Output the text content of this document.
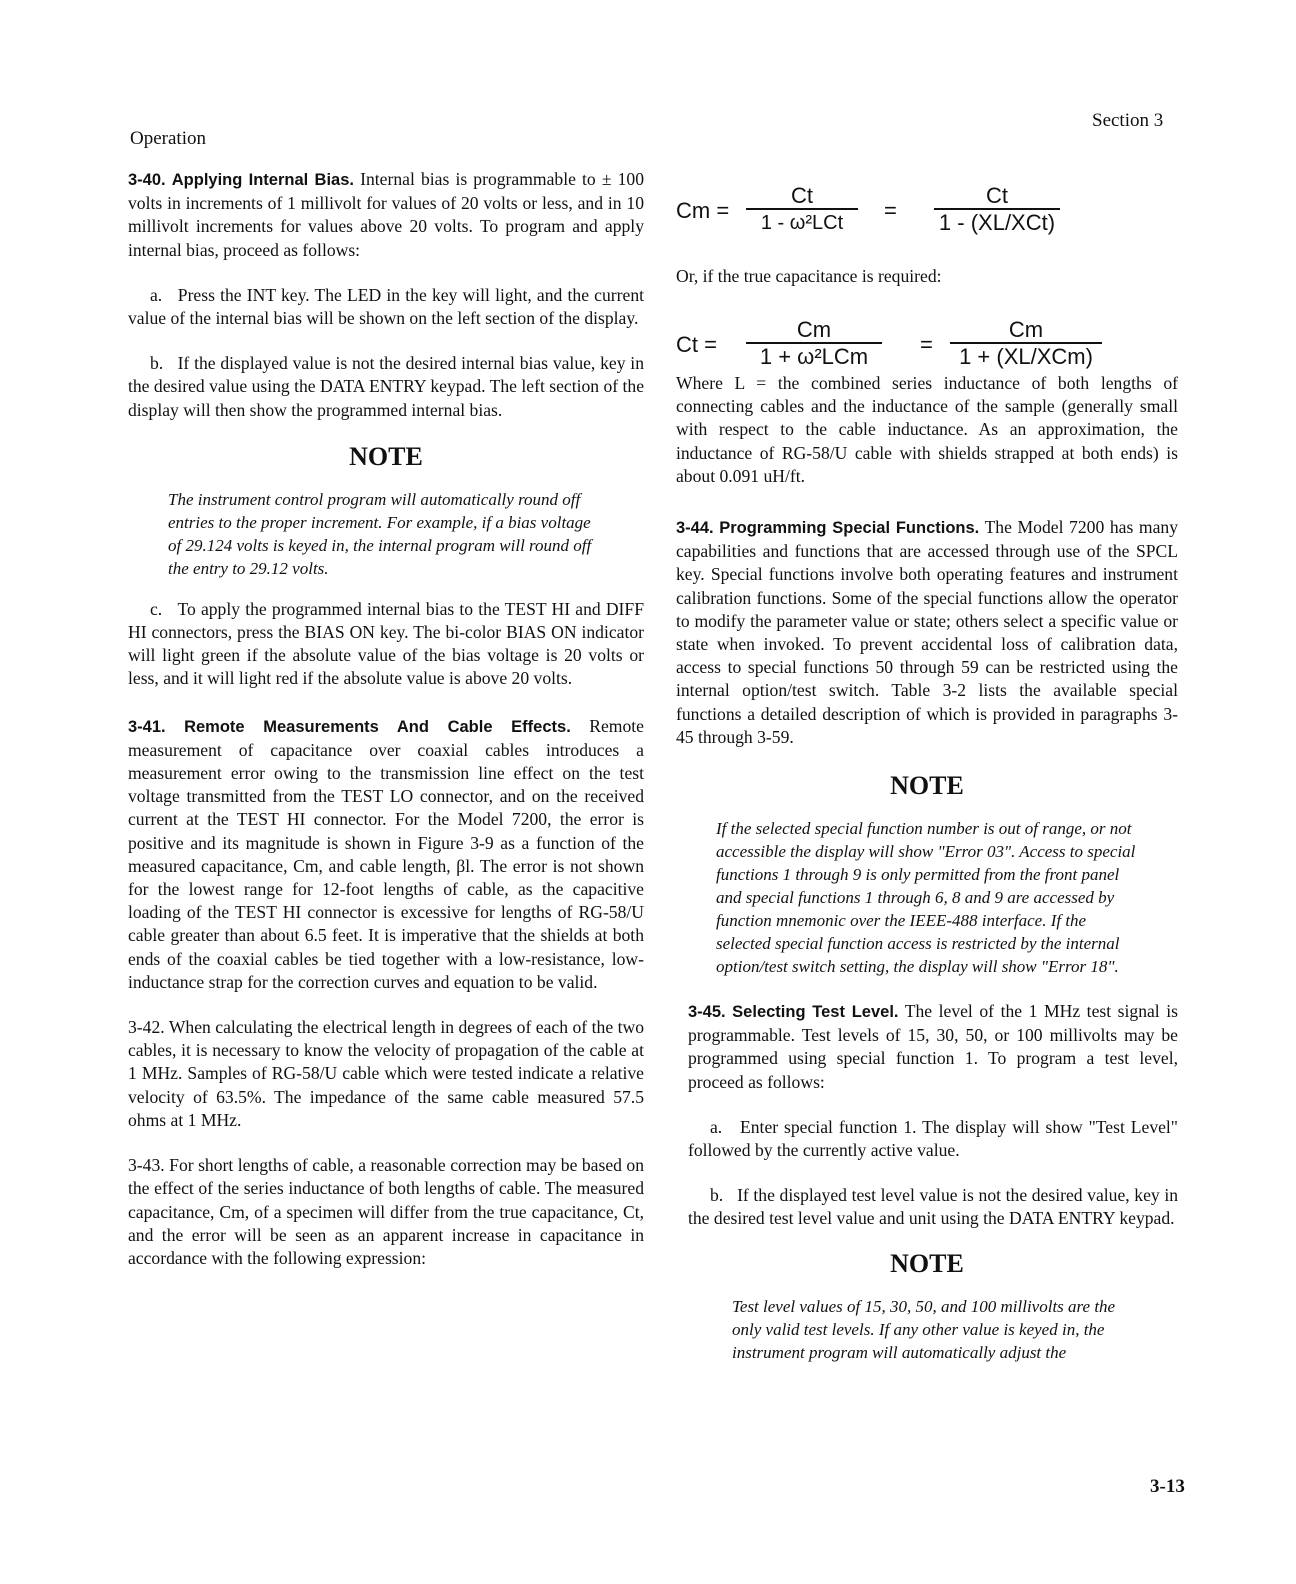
Operation
Section 3

3-40. Applying Internal Bias. Internal bias is programmable to ± 100 volts in increments of 1 millivolt for values of 20 volts or less, and in 10 millivolt increments for values above 20 volts. To program and apply internal bias, proceed as follows:

a. Press the INT key. The LED in the key will light, and the current value of the internal bias will be shown on the left section of the display.

b. If the displayed value is not the desired internal bias value, key in the desired value using the DATA ENTRY keypad. The left section of the display will then show the programmed internal bias.

NOTE

The instrument control program will automatically round off entries to the proper increment. For example, if a bias voltage of 29.124 volts is keyed in, the internal program will round off the entry to 29.12 volts.

c. To apply the programmed internal bias to the TEST HI and DIFF HI connectors, press the BIAS ON key. The bi-color BIAS ON indicator will light green if the absolute value of the bias voltage is 20 volts or less, and it will light red if the absolute value is above 20 volts.

3-41. Remote Measurements And Cable Effects. Remote measurement of capacitance over coaxial cables introduces a measurement error owing to the transmission line effect on the test voltage transmitted from the TEST LO connector, and on the received current at the TEST HI connector. For the Model 7200, the error is positive and its magnitude is shown in Figure 3-9 as a function of the measured capacitance, Cm, and cable length, βl. The error is not shown for the lowest range for 12-foot lengths of cable, as the capacitive loading of the TEST HI connector is excessive for lengths of RG-58/U cable greater than about 6.5 feet. It is imperative that the shields at both ends of the coaxial cables be tied together with a low-resistance, low-inductance strap for the correction curves and equation to be valid.

3-42. When calculating the electrical length in degrees of each of the two cables, it is necessary to know the velocity of propagation of the cable at 1 MHz. Samples of RG-58/U cable which were tested indicate a relative velocity of 63.5%. The impedance of the same cable measured 57.5 ohms at 1 MHz.

3-43. For short lengths of cable, a reasonable correction may be based on the effect of the series inductance of both lengths of cable. The measured capacitance, Cm, of a specimen will differ from the true capacitance, Ct, and the error will be seen as an apparent increase in capacitance in accordance with the following expression:

Cm =
Ct
1 - ω²LCt	=
Ct
1 - (XL/XCt)
Or, if the true capacitance is required:
Ct =
Cm
1 + ω²LCm	=
Cm
1 + (XL/XCm)

Where L = the combined series inductance of both lengths of connecting cables and the inductance of the sample (generally small with respect to the cable inductance. As an approximation, the inductance of RG-58/U cable with shields strapped at both ends) is about 0.091 uH/ft.

3-44. Programming Special Functions. The Model 7200 has many capabilities and functions that are accessed through use of the SPCL key. Special functions involve both operating features and instrument calibration functions. Some of the special functions allow the operator to modify the parameter value or state; others select a specific value or state when invoked. To prevent accidental loss of calibration data, access to special functions 50 through 59 can be restricted using the internal option/test switch. Table 3-2 lists the available special functions a detailed description of which is provided in paragraphs 3-45 through 3-59.

NOTE

If the selected special function number is out of range, or not accessible the display will show "Error 03". Access to special functions 1 through 9 is only permitted from the front panel and special functions 1 through 6, 8 and 9 are accessed by function mnemonic over the IEEE-488 interface. If the selected special function access is restricted by the internal option/test switch setting, the display will show "Error 18".

3-45. Selecting Test Level. The level of the 1 MHz test signal is programmable. Test levels of 15, 30, 50, or 100 millivolts may be programmed using special function 1. To program a test level, proceed as follows:

a. Enter special function 1. The display will show "Test Level" followed by the currently active value.

b. If the displayed test level value is not the desired value, key in the desired test level value and unit using the DATA ENTRY keypad.

NOTE

Test level values of 15, 30, 50, and 100 millivolts are the only valid test levels. If any other value is keyed in, the instrument program will automatically adjust the

3-13
